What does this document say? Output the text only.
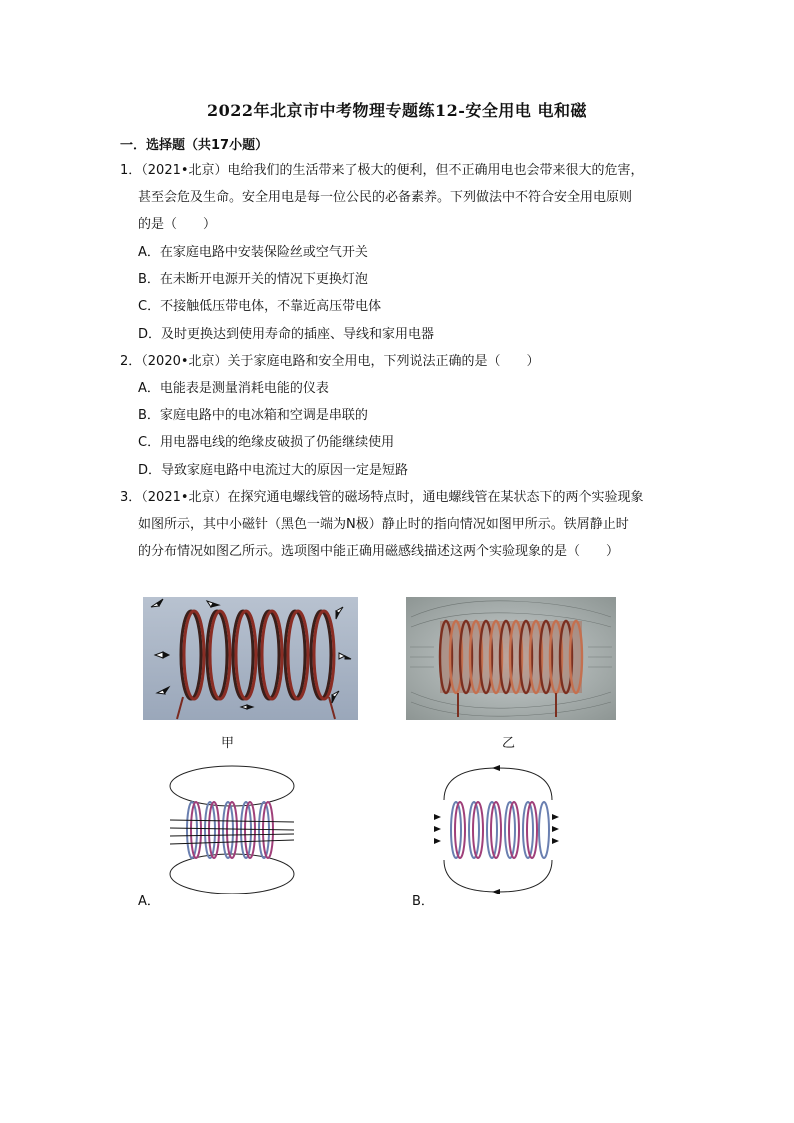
2022年北京市中考物理专题练12-安全用电 电和磁
一．选择题（共17小题）
1．（2021•北京）电给我们的生活带来了极大的便利，但不正确用电也会带来很大的危害，
甚至会危及生命。安全用电是每一位公民的必备素养。下列做法中不符合安全用电原则
的是（　　）
A．在家庭电路中安装保险丝或空气开关
B．在未断开电源开关的情况下更换灯泡
C．不接触低压带电体，不靠近高压带电体
D．及时更换达到使用寿命的插座、导线和家用电器
2．（2020•北京）关于家庭电路和安全用电，下列说法正确的是（　　）
A．电能表是测量消耗电能的仪表
B．家庭电路中的电冰箱和空调是串联的
C．用电器电线的绝缘皮破损了仍能继续使用
D．导致家庭电路中电流过大的原因一定是短路
3．（2021•北京）在探究通电螺线管的磁场特点时，通电螺线管在某状态下的两个实验现象
如图所示，其中小磁针（黑色一端为N极）静止时的指向情况如图甲所示。铁屑静止时
的分布情况如图乙所示。选项图中能正确用磁感线描述这两个实验现象的是（　　）
甲	乙
A．	B．
